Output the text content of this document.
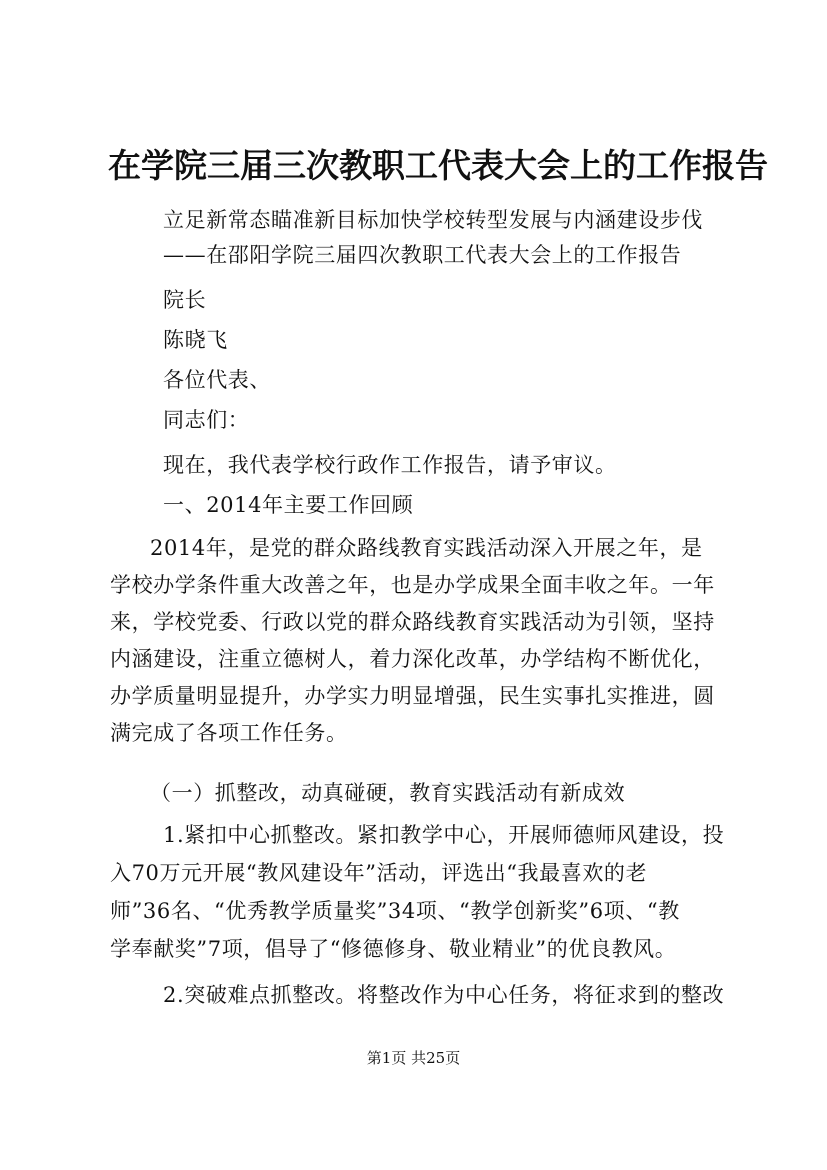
在学院三届三次教职工代表大会上的工作报告
立足新常态瞄准新目标加快学校转型发展与内涵建设步伐
——在邵阳学院三届四次教职工代表大会上的工作报告
院长
陈晓飞
各位代表、
同志们：
现在，我代表学校行政作工作报告，请予审议。
一、2014年主要工作回顾
2014年，是党的群众路线教育实践活动深入开展之年，是
学校办学条件重大改善之年，也是办学成果全面丰收之年。一年
来，学校党委、行政以党的群众路线教育实践活动为引领，坚持
内涵建设，注重立德树人，着力深化改革，办学结构不断优化，
办学质量明显提升，办学实力明显增强，民生实事扎实推进，圆
满完成了各项工作任务。
（一）抓整改，动真碰硬，教育实践活动有新成效
1.紧扣中心抓整改。紧扣教学中心，开展师德师风建设，投
入70万元开展“教风建设年”活动，评选出“我最喜欢的老
师”36名、“优秀教学质量奖”34项、“教学创新奖”6项、“教
学奉献奖”7项，倡导了“修德修身、敬业精业”的优良教风。
2.突破难点抓整改。将整改作为中心任务，将征求到的整改
第1页 共25页
